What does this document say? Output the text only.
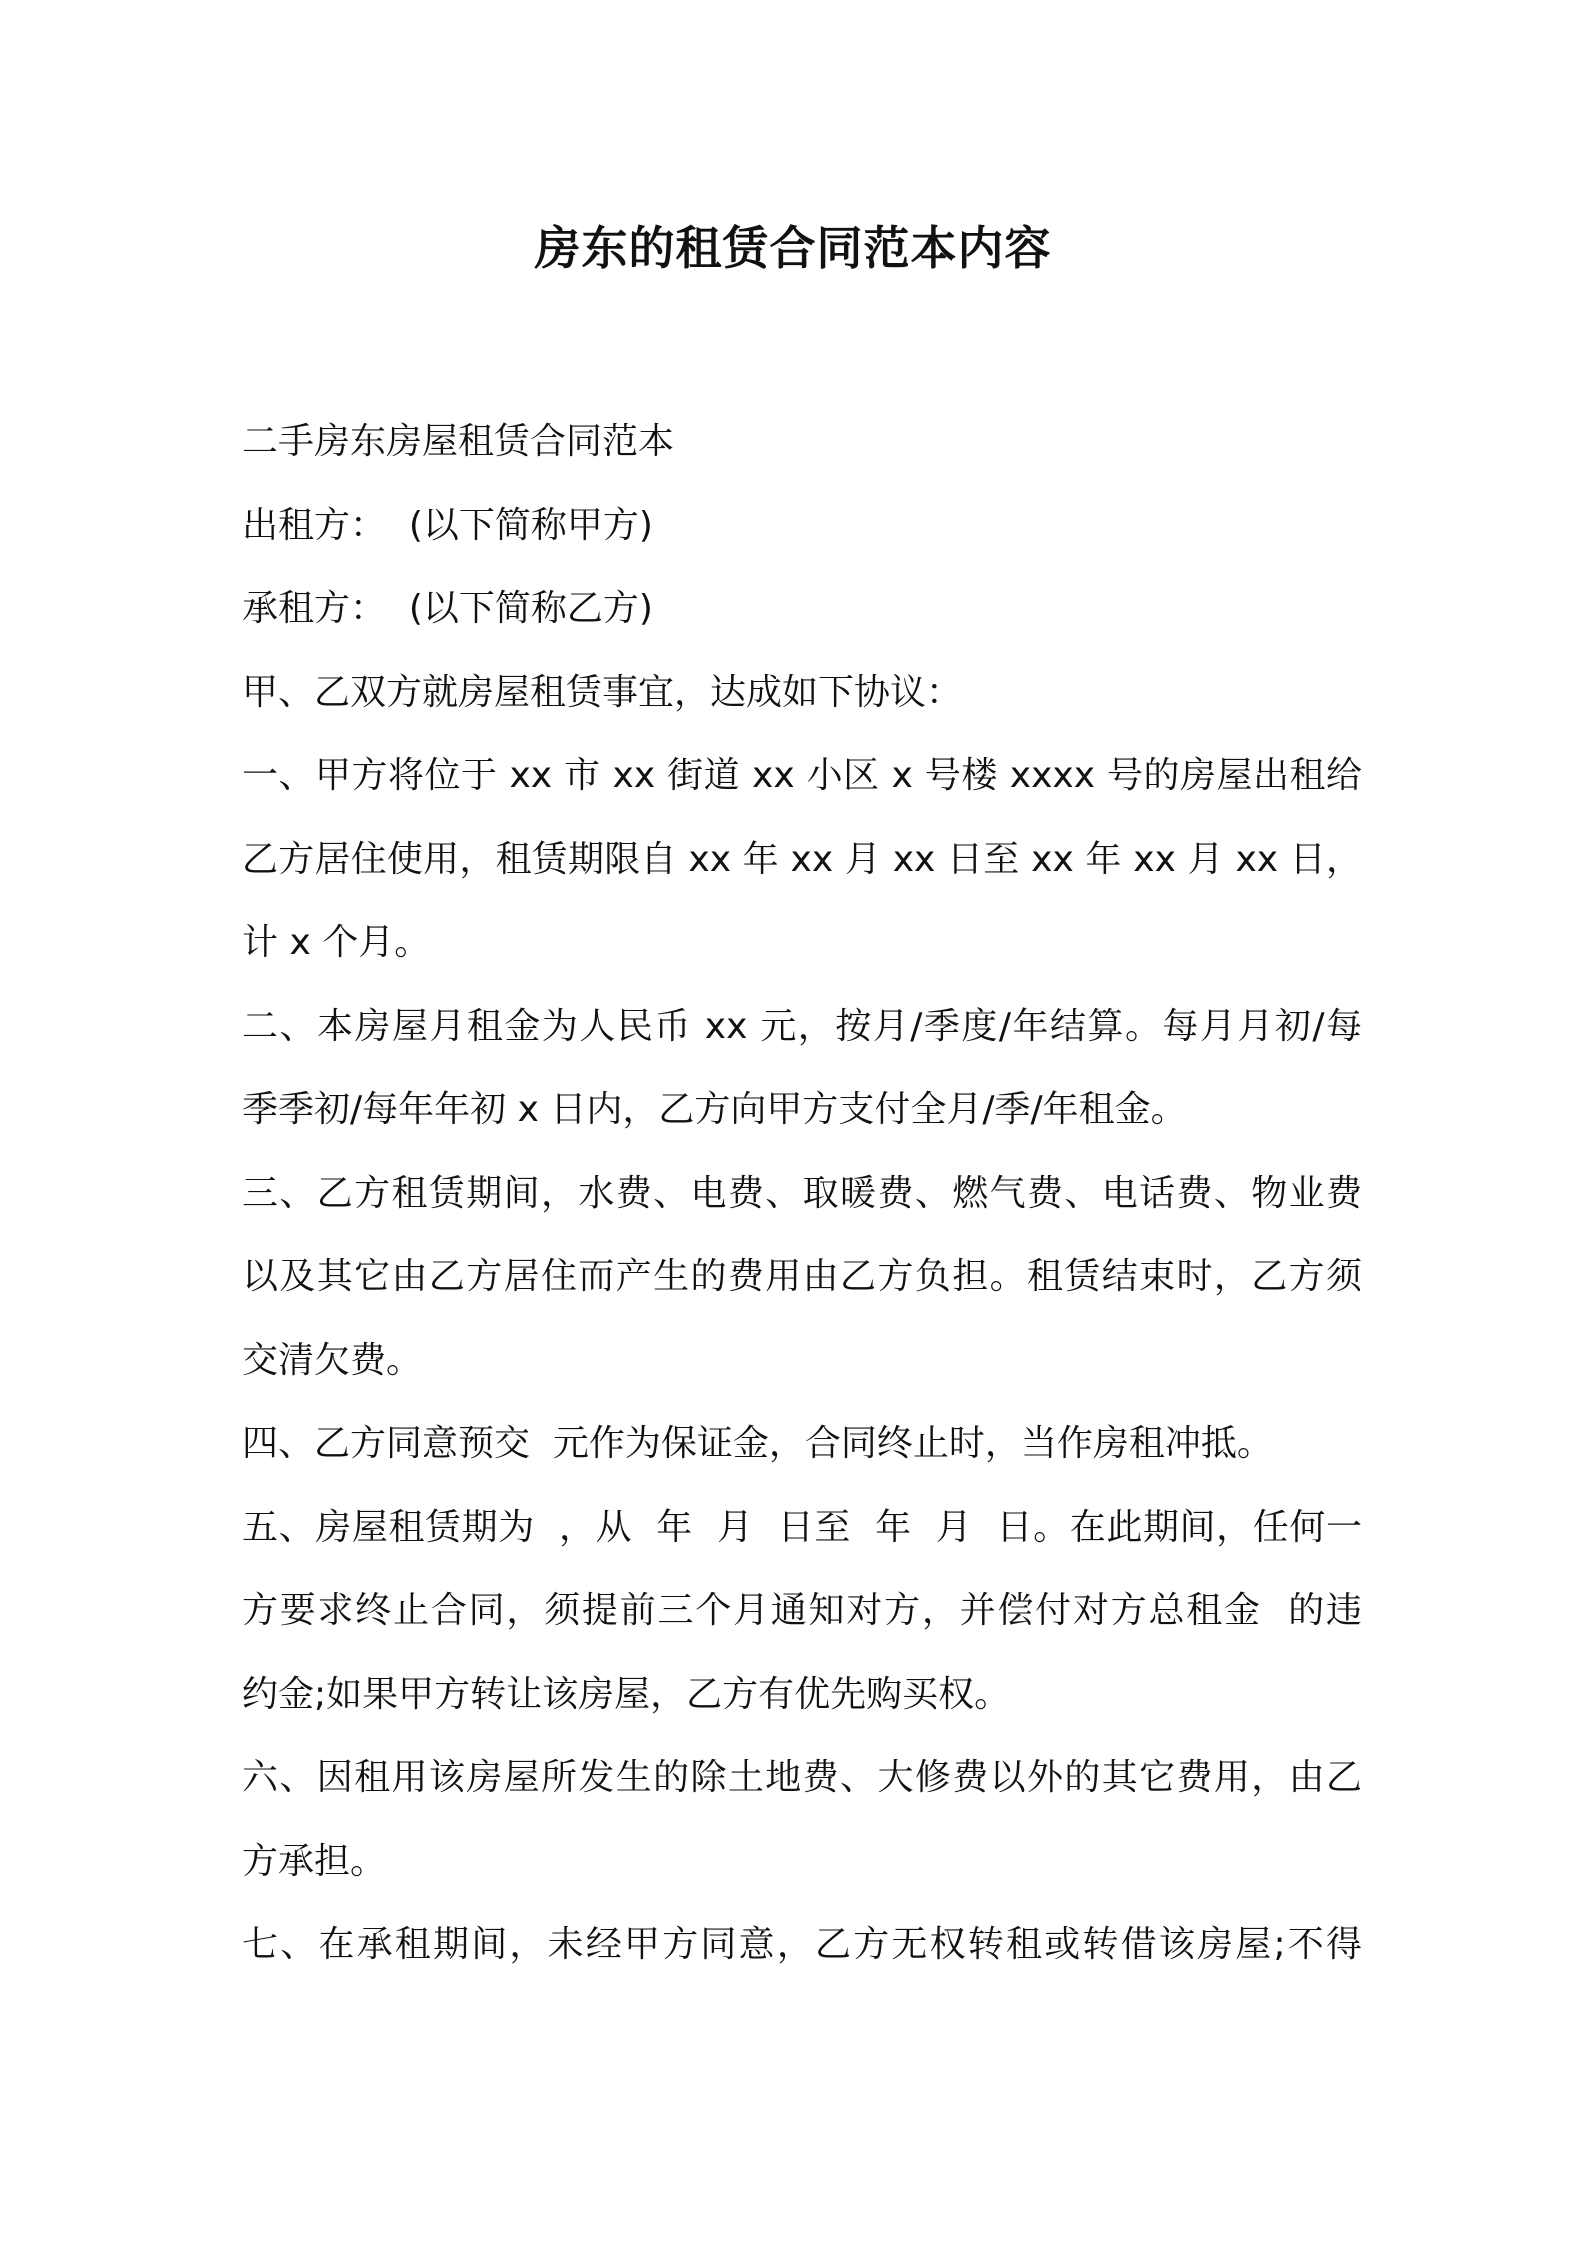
房东的租赁合同范本内容
二手房东房屋租赁合同范本
出租方：  (以下简称甲方)
承租方：  (以下简称乙方)
甲、乙双方就房屋租赁事宜，达成如下协议：
一、甲方将位于 xx 市 xx 街道 xx 小区 x 号楼 xxxx 号的房屋出租给
乙方居住使用，租赁期限自 xx 年 xx 月 xx 日至 xx 年 xx 月 xx 日，
计 x 个月。
二、本房屋月租金为人民币 xx 元，按月/季度/年结算。每月月初/每
季季初/每年年初 x 日内，乙方向甲方支付全月/季/年租金。
三、乙方租赁期间，水费、电费、取暖费、燃气费、电话费、物业费
以及其它由乙方居住而产生的费用由乙方负担。租赁结束时，乙方须
交清欠费。
四、乙方同意预交  元作为保证金，合同终止时，当作房租冲抵。
五、房屋租赁期为  ，从  年  月  日至  年  月  日。在此期间，任何一
方要求终止合同，须提前三个月通知对方，并偿付对方总租金  的违
约金;如果甲方转让该房屋，乙方有优先购买权。
六、因租用该房屋所发生的除土地费、大修费以外的其它费用，由乙
方承担。
七、在承租期间，未经甲方同意，乙方无权转租或转借该房屋;不得
